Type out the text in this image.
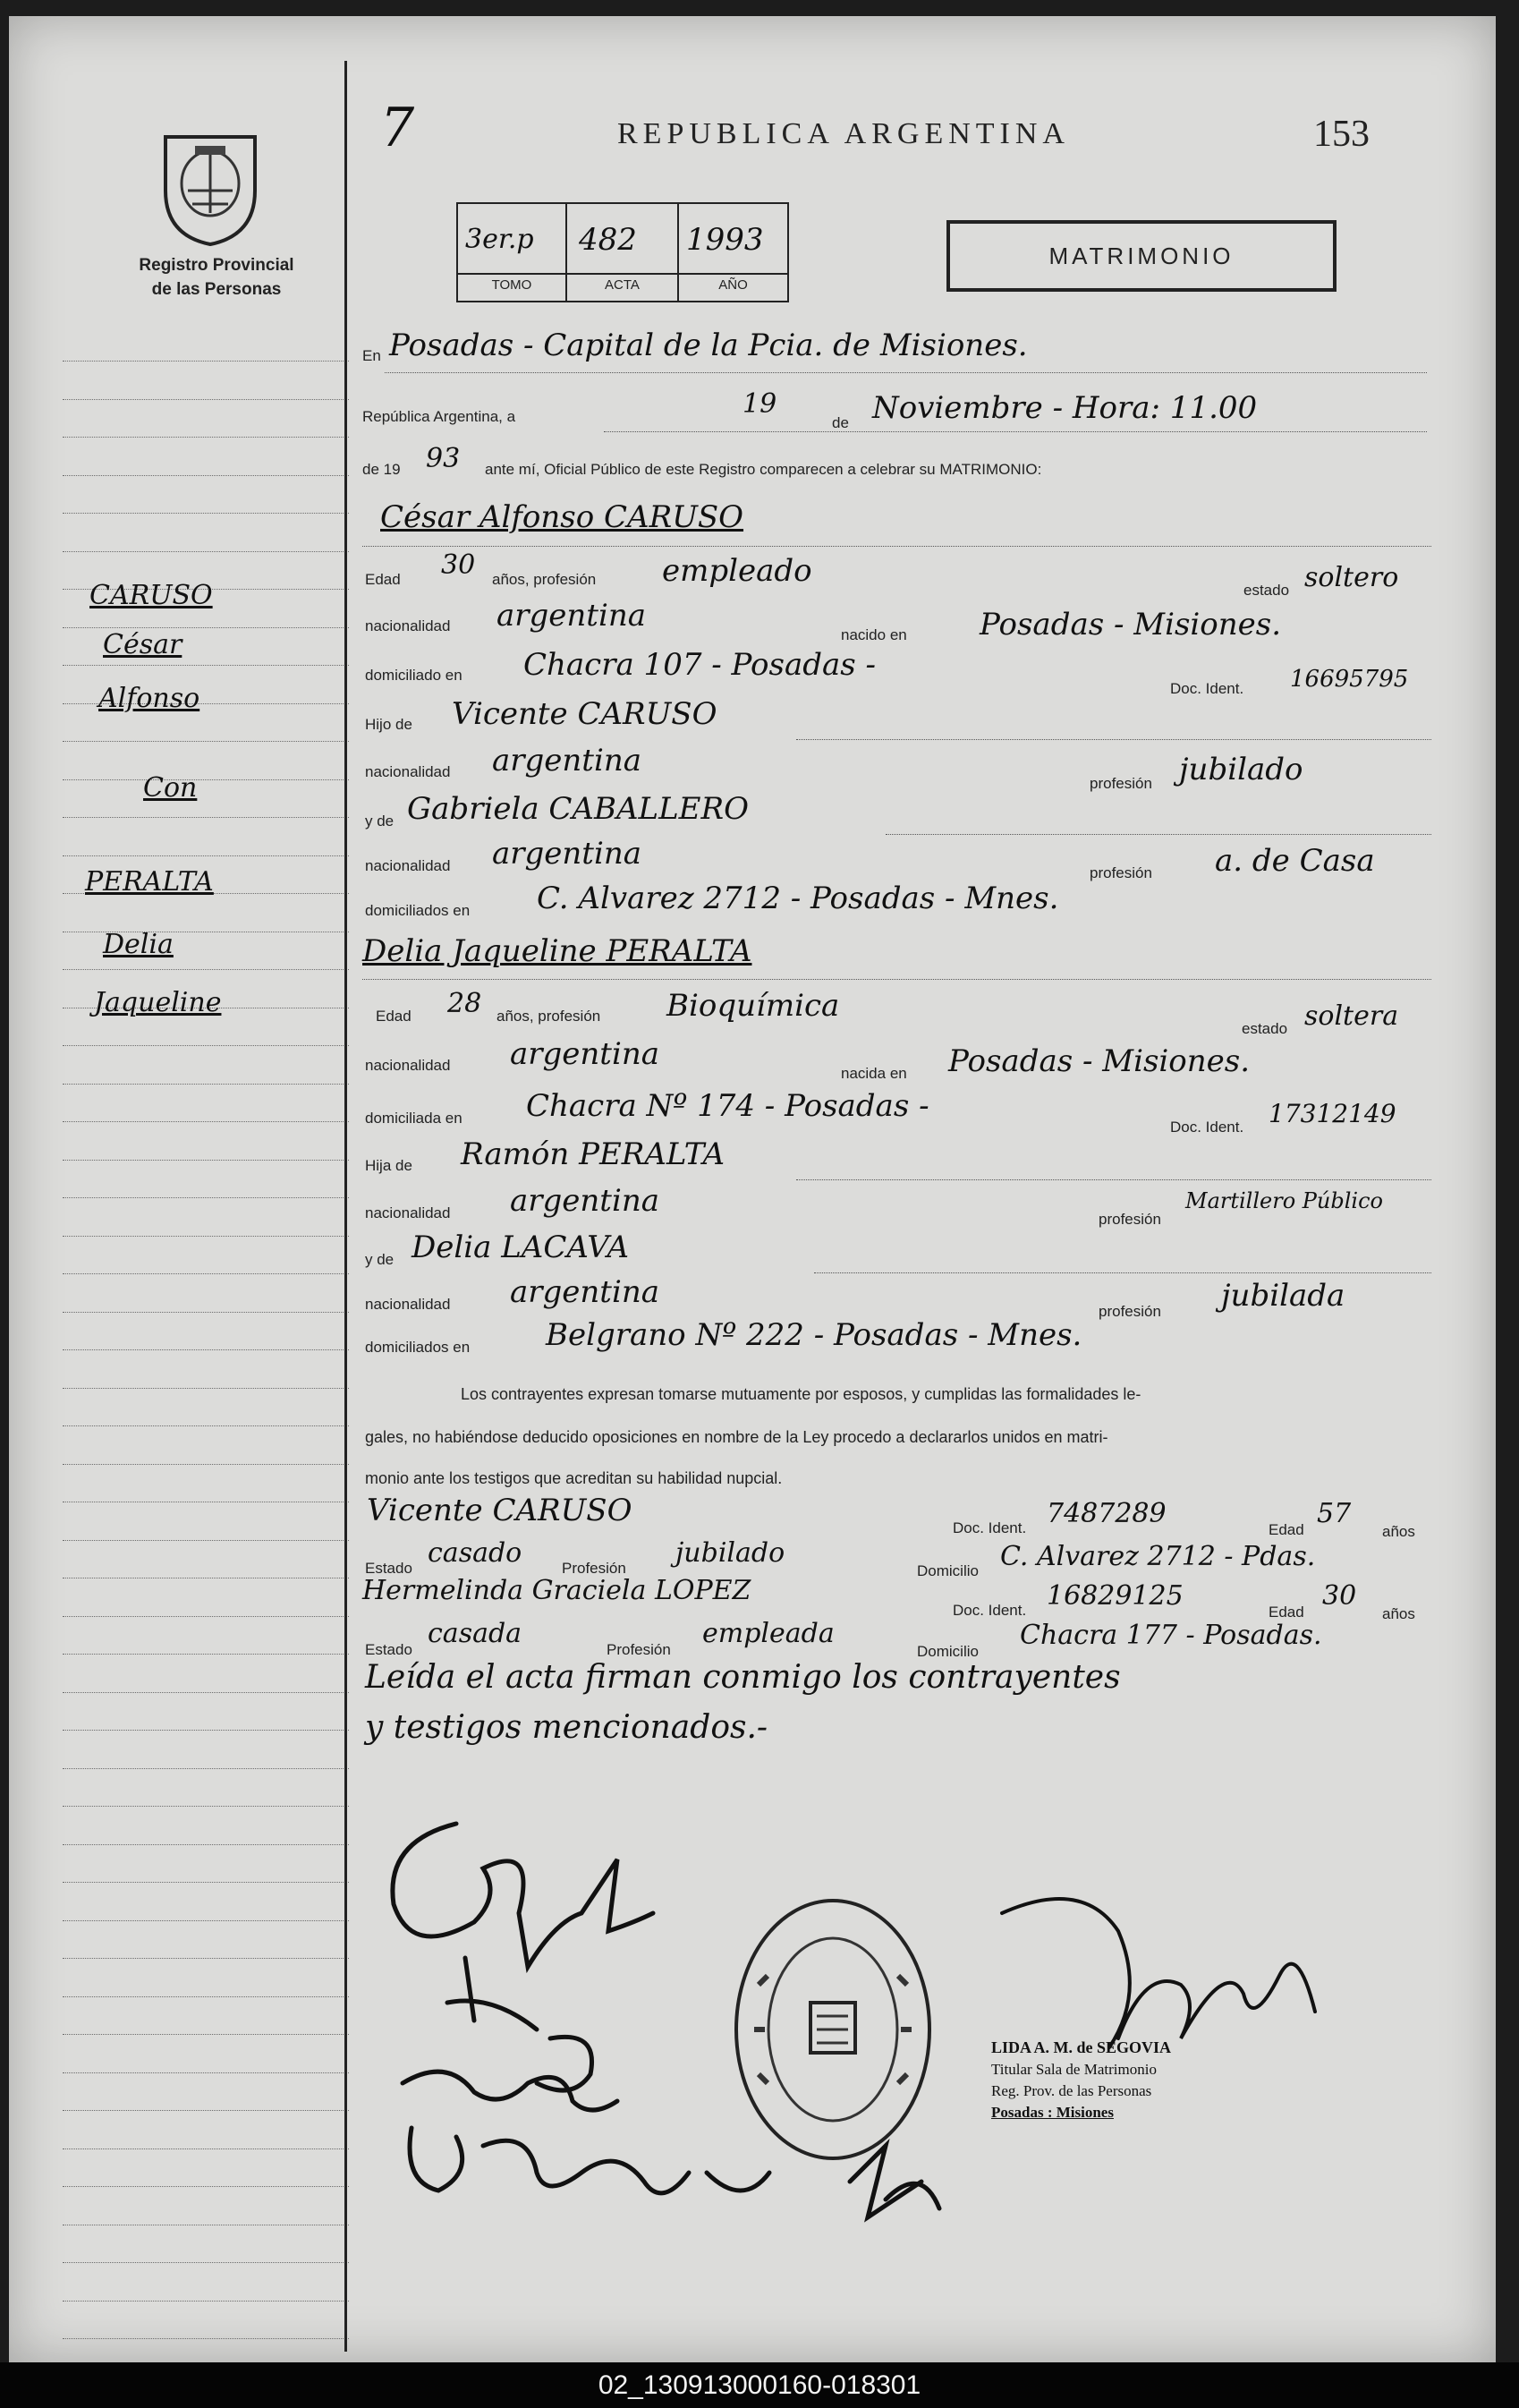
Registro Provincial
de las Personas
CARUSO
César
Alfonso
Con
PERALTA
Delia
Jaqueline
7	REPUBLICA ARGENTINA	153
3er.p 482 1993
TOMO	ACTA	AÑO
MATRIMONIO
En Posadas - Capital de la Pcia. de Misiones.
República Argentina, a	19
de Noviembre - Hora: 11.00
de 19 93 ante mí, Oficial Público de este Registro comparecen a celebrar su MATRIMONIO:
César Alfonso CARUSO
Edad 30 años, profesión empleado
estado soltero
nacionalidad argentina
nacido en Posadas - Misiones.
domiciliado en Chacra 107 - Posadas -
Doc. Ident. 16695795
Hijo de Vicente CARUSO
nacionalidad argentina
profesión jubilado
y de Gabriela CABALLERO
nacionalidad argentina
profesión a. de Casa
domiciliados en C. Alvarez 2712 - Posadas - Mnes.
Delia Jaqueline PERALTA
Edad 28 años, profesión Bioquímica
estado soltera
nacionalidad argentina
nacida en Posadas - Misiones.
domiciliada en Chacra Nº 174 - Posadas -
Doc. Ident. 17312149
Hija de Ramón PERALTA
nacionalidad argentina
profesión
Martillero Público
y de Delia LACAVA
nacionalidad argentina
profesión jubilada
domiciliados en Belgrano Nº 222 - Posadas - Mnes.
Los contrayentes expresan tomarse mutuamente por esposos, y cumplidas las formalidades le-
gales, no habiéndose deducido oposiciones en nombre de la Ley procedo a declararlos unidos en matri-
monio ante los testigos que acreditan su habilidad nupcial.
Vicente CARUSO	Doc. Ident. 7487289
Edad
57
años
Estado casado	Profesión jubilado
Domicilio C. Alvarez 2712 - Pdas.
Hermelinda Graciela LOPEZ
Doc. Ident. 16829125
Edad
30
años
Estado
casada
Profesión
empleada
Domicilio
Chacra 177 - Posadas.
Leída el acta firman conmigo los contrayentes
y testigos mencionados.-
LIDA A. M. de SEGOVIA
Titular Sala de Matrimonio
Reg. Prov. de las Personas
Posadas : Misiones
02_130913000160-018301
